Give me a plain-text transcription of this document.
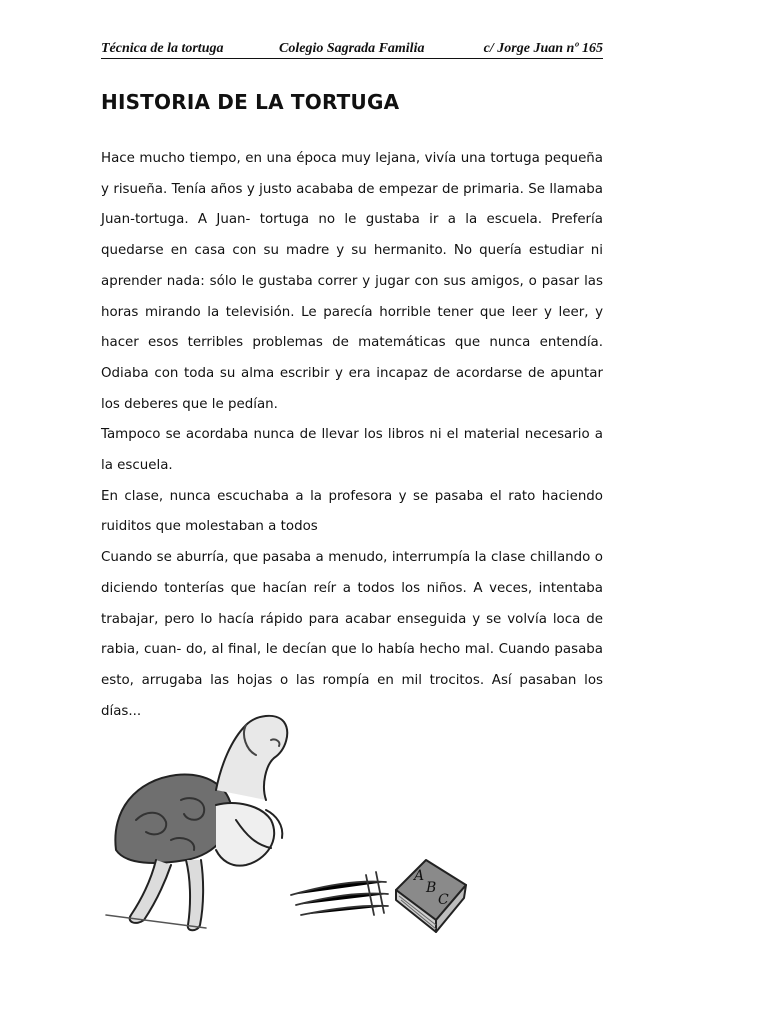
Técnica de la tortuga	Colegio Sagrada Familia	c/ Jorge Juan nº 165
HISTORIA DE LA TORTUGA

Hace mucho tiempo, en una época muy lejana, vivía una tortuga pequeña y risueña. Tenía años y justo acababa de empezar de primaria. Se llamaba Juan-tortuga. A Juan- tortuga no le gustaba ir a la escuela. Prefería quedarse en casa con su madre y su hermanito. No quería estudiar ni aprender nada: sólo le gustaba correr y jugar con sus amigos, o pasar las horas mirando la televisión. Le parecía horrible tener que leer y leer, y hacer esos terribles problemas de matemáticas que nunca entendía. Odiaba con toda su alma escribir y era incapaz de acordarse de apuntar los deberes que le pedían.

Tampoco se acordaba nunca de llevar los libros ni el material necesario a la escuela.

En clase, nunca escuchaba a la profesora y se pasaba el rato haciendo ruiditos que molestaban a todos

Cuando se aburría, que pasaba a menudo, interrumpía la clase chillando o diciendo tonterías que hacían reír a todos los niños. A veces, intentaba trabajar, pero lo hacía rápido para acabar enseguida y se volvía loca de rabia, cuan- do, al final, le decían que lo había hecho mal. Cuando pasaba esto, arrugaba las hojas o las rompía en mil trocitos. Así pasaban los días...

A
B
C
